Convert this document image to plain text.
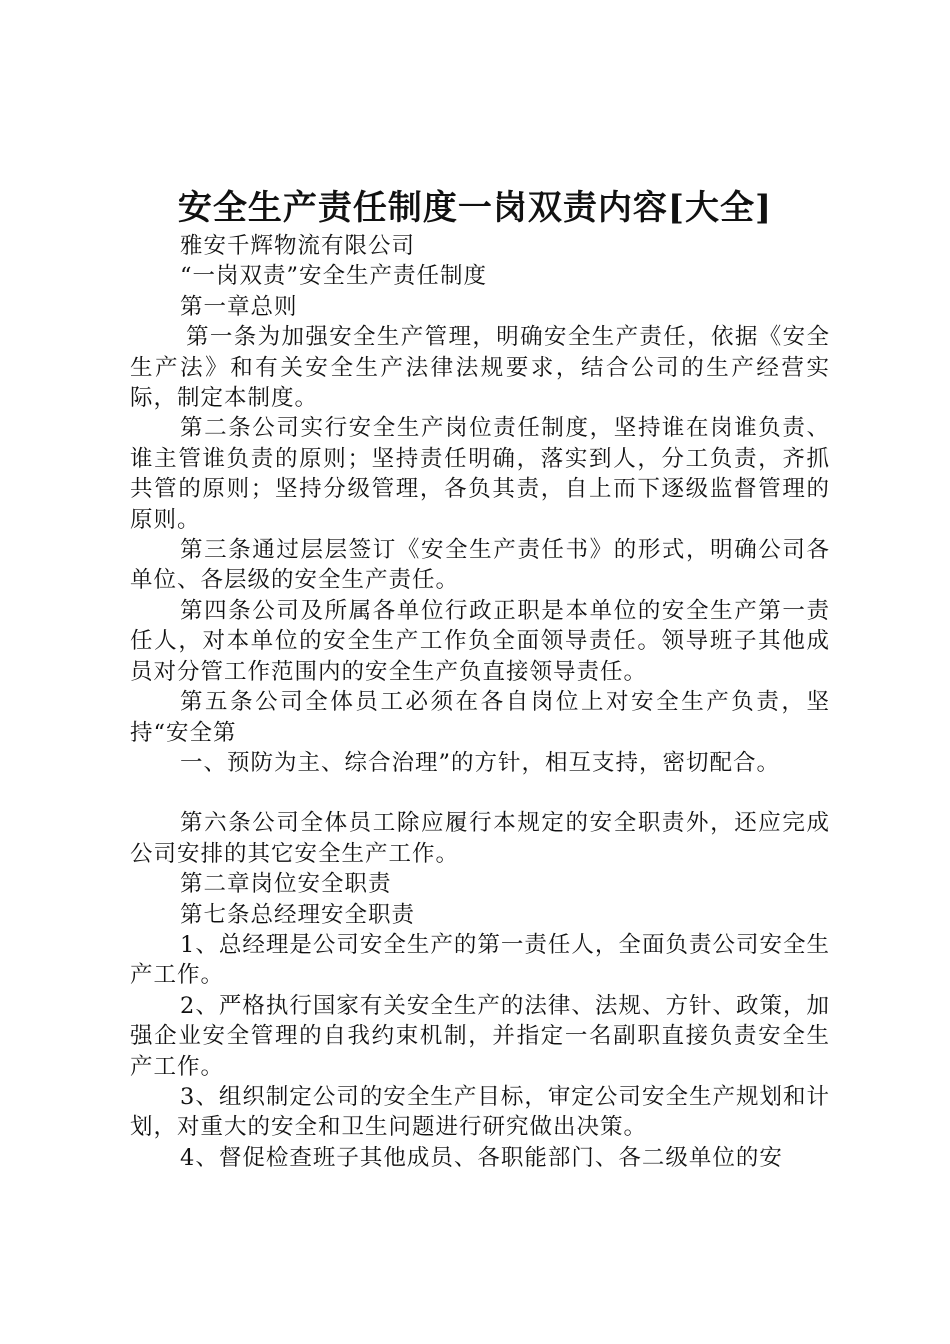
安全生产责任制度一岗双责内容[大全]

雅安千辉物流有限公司

“一岗双责”安全生产责任制度

第一章总则

第一条为加强安全生产管理，明确安全生产责任，依据《安全生产法》和有关安全生产法律法规要求，结合公司的生产经营实际，制定本制度。

第二条公司实行安全生产岗位责任制度，坚持谁在岗谁负责、谁主管谁负责的原则；坚持责任明确，落实到人，分工负责，齐抓共管的原则；坚持分级管理，各负其责，自上而下逐级监督管理的原则。

第三条通过层层签订《安全生产责任书》的形式，明确公司各单位、各层级的安全生产责任。

第四条公司及所属各单位行政正职是本单位的安全生产第一责任人，对本单位的安全生产工作负全面领导责任。领导班子其他成员对分管工作范围内的安全生产负直接领导责任。

第五条公司全体员工必须在各自岗位上对安全生产负责，坚持“安全第

一、预防为主、综合治理”的方针，相互支持，密切配合。

第六条公司全体员工除应履行本规定的安全职责外，还应完成公司安排的其它安全生产工作。

第二章岗位安全职责

第七条总经理安全职责

1、总经理是公司安全生产的第一责任人，全面负责公司安全生产工作。

2、严格执行国家有关安全生产的法律、法规、方针、政策，加强企业安全管理的自我约束机制，并指定一名副职直接负责安全生产工作。

3、组织制定公司的安全生产目标，审定公司安全生产规划和计划，对重大的安全和卫生问题进行研究做出决策。

4、督促检查班子其他成员、各职能部门、各二级单位的安
